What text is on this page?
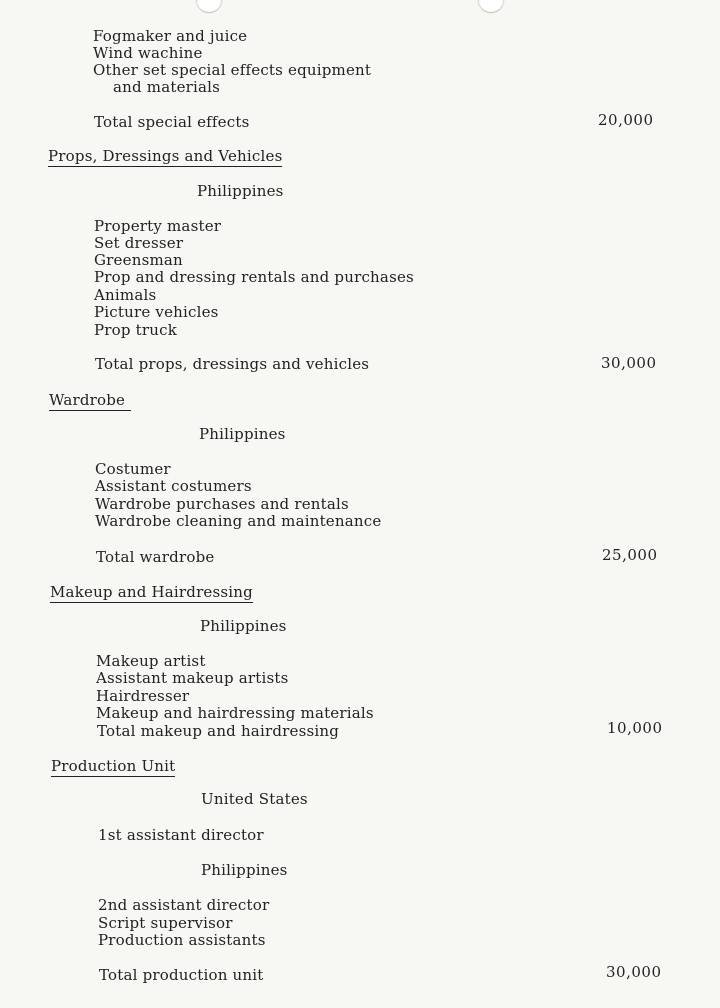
Fogmaker and juice
Wind wachine
Other set special effects equipment
and materials
Total special effects	20,000
Props, Dressings and Vehicles
Philippines
Property master
Set dresser
Greensman
Prop and dressing rentals and purchases
Animals
Picture vehicles
Prop truck
Total props, dressings and vehicles	30,000
Wardrobe
Philippines
Costumer
Assistant costumers
Wardrobe purchases and rentals
Wardrobe cleaning and maintenance
Total wardrobe	25,000
Makeup and Hairdressing
Philippines
Makeup artist
Assistant makeup artists
Hairdresser
Makeup and hairdressing materials
Total makeup and hairdressing	10,000
Production Unit
United States
1st assistant director
Philippines
2nd assistant director
Script supervisor
Production assistants
Total production unit	30,000
